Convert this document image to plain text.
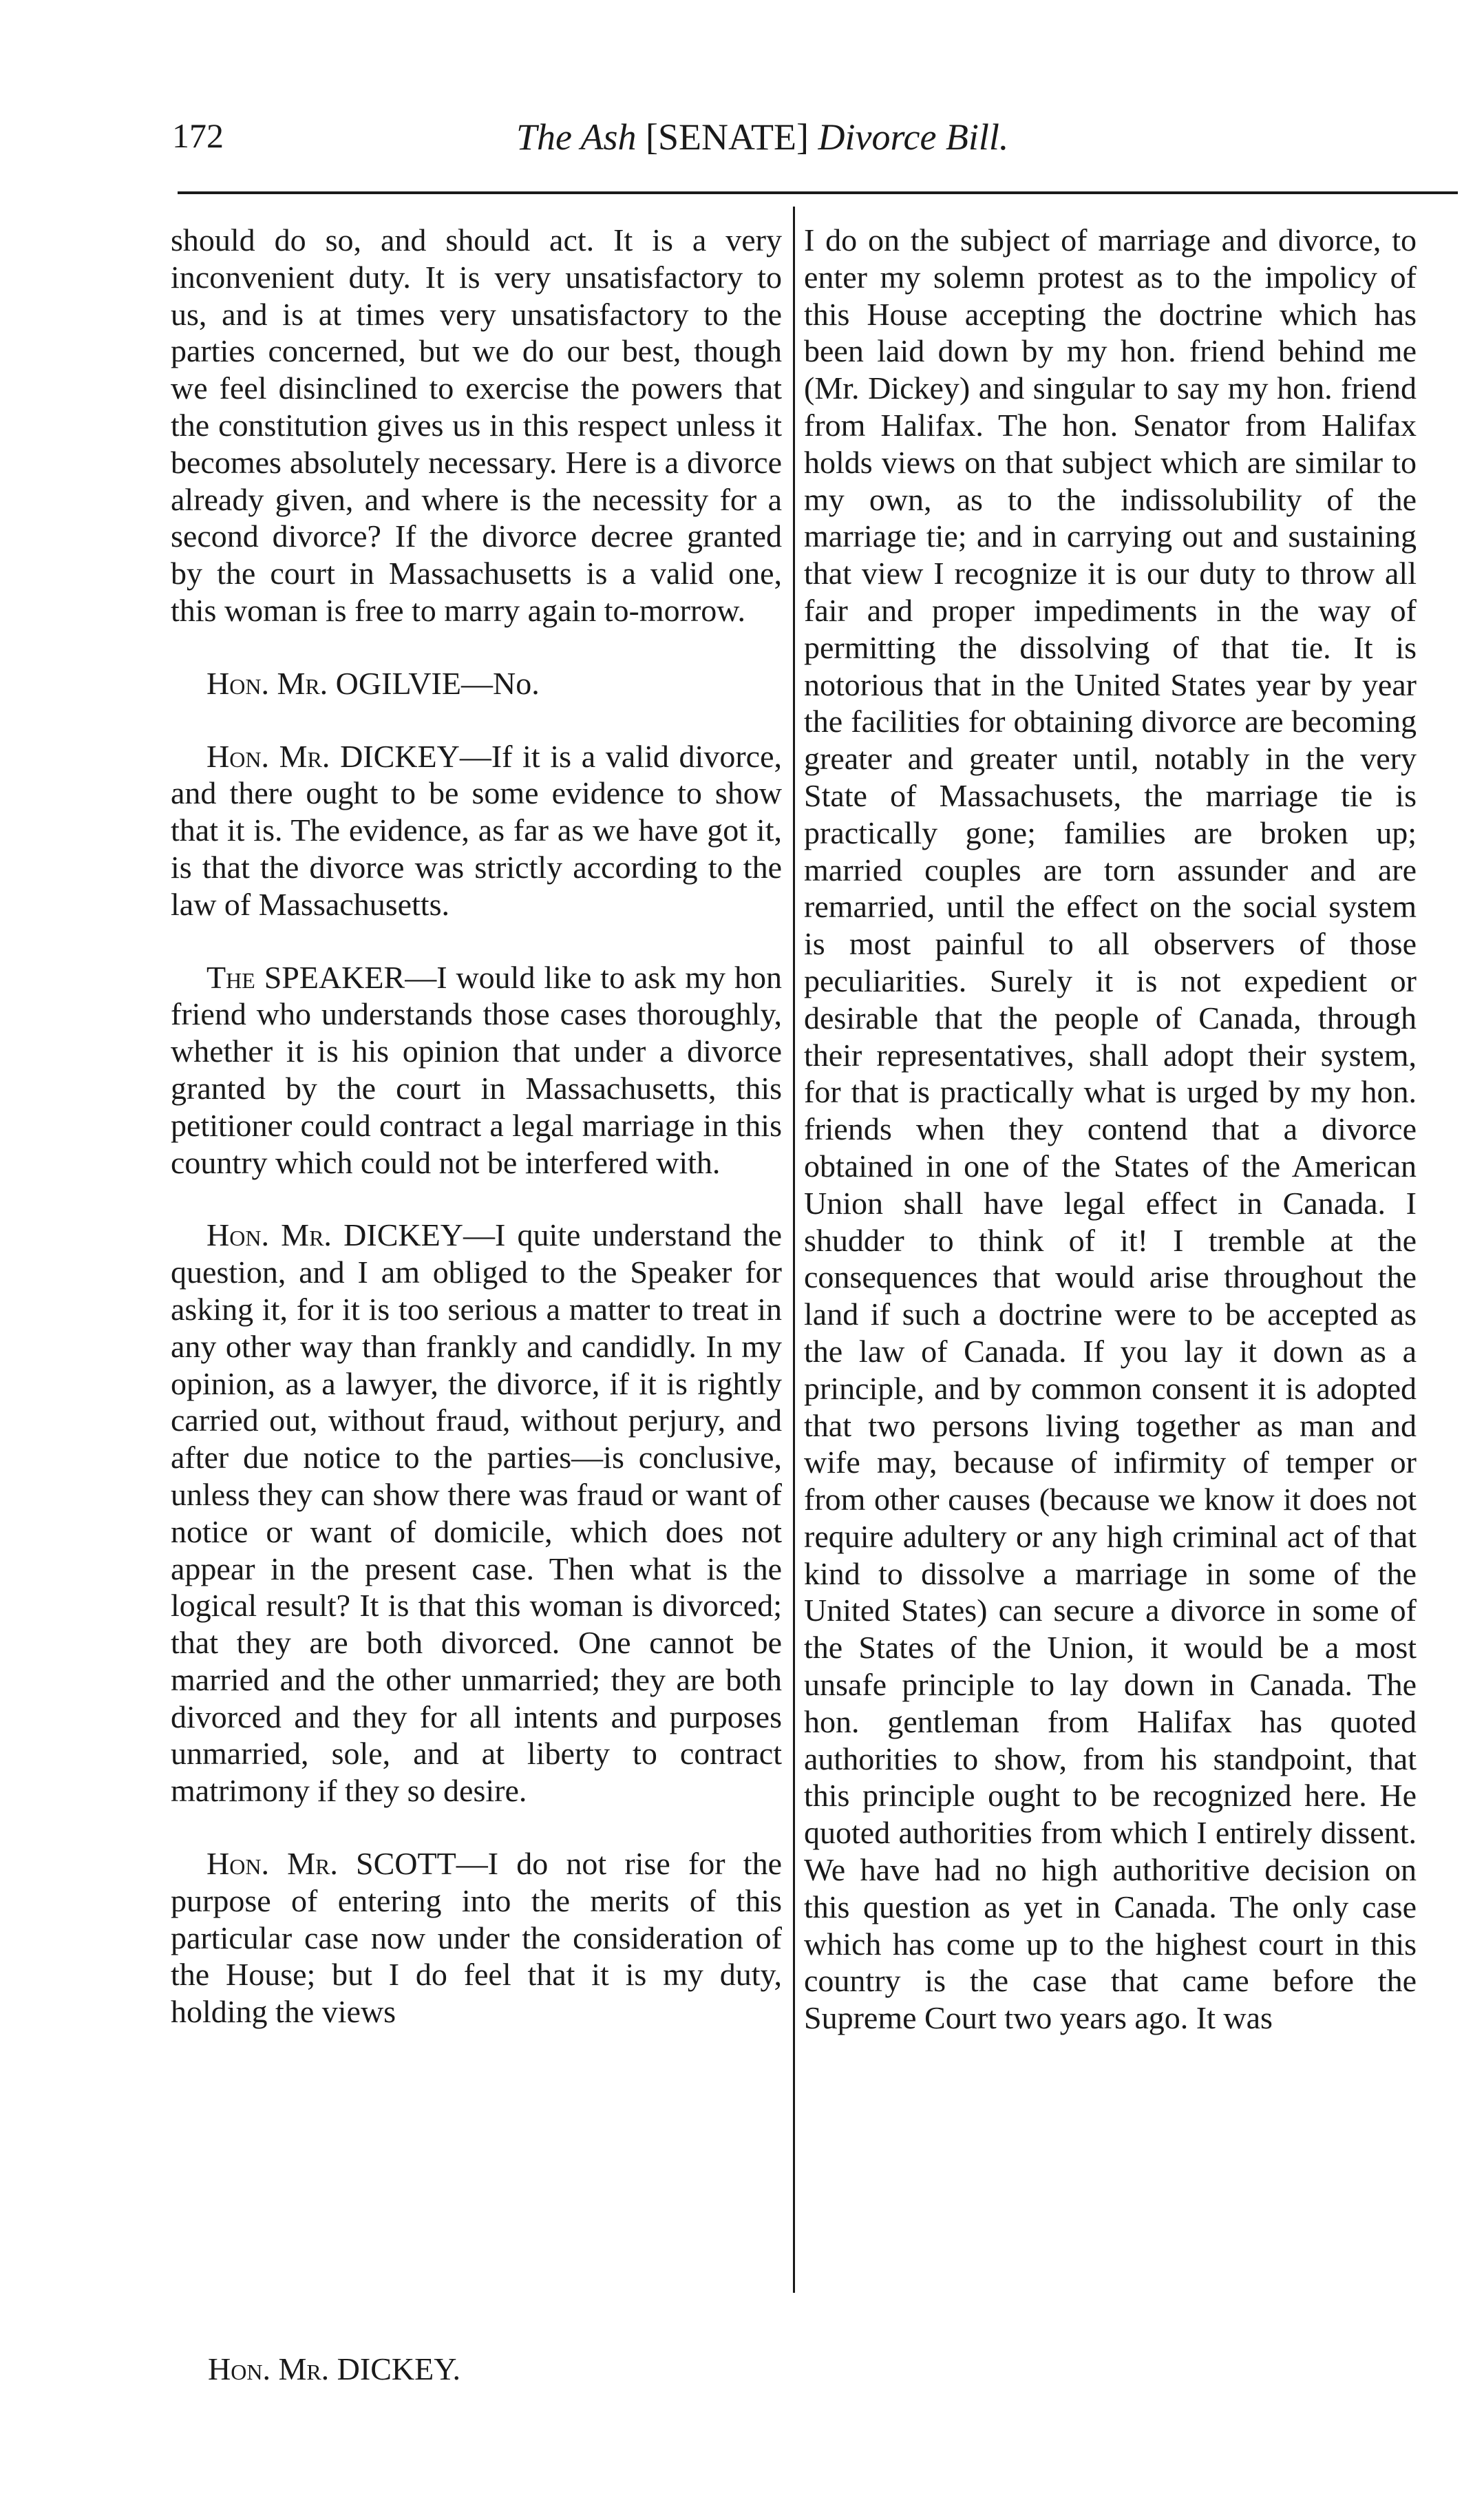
172	The Ash [SENATE] Divorce Bill.

should do so, and should act. It is a very inconvenient duty. It is very unsatisfactory to us, and is at times very unsatisfactory to the parties concerned, but we do our best, though we feel disinclined to exercise the powers that the constitution gives us in this respect unless it becomes absolutely necessary. Here is a divorce already given, and where is the necessity for a second divorce? If the divorce decree granted by the court in Massachusetts is a valid one, this woman is free to marry again to-morrow.

Hon. Mr. OGILVIE—No.

Hon. Mr. DICKEY—If it is a valid divorce, and there ought to be some evidence to show that it is. The evidence, as far as we have got it, is that the divorce was strictly according to the law of Massachusetts.

The SPEAKER—I would like to ask my hon friend who understands those cases thoroughly, whether it is his opinion that under a divorce granted by the court in Massachusetts, this petitioner could contract a legal marriage in this country which could not be interfered with.

Hon. Mr. DICKEY—I quite understand the question, and I am obliged to the Speaker for asking it, for it is too serious a matter to treat in any other way than frankly and candidly. In my opinion, as a lawyer, the divorce, if it is rightly carried out, without fraud, without perjury, and after due notice to the parties—is conclusive, unless they can show there was fraud or want of notice or want of domicile, which does not appear in the present case. Then what is the logical result? It is that this woman is divorced; that they are both divorced. One cannot be married and the other unmarried; they are both divorced and they for all intents and purposes unmarried, sole, and at liberty to contract matrimony if they so desire.

Hon. Mr. SCOTT—I do not rise for the purpose of entering into the merits of this particular case now under the consideration of the House; but I do feel that it is my duty, holding the views

I do on the subject of marriage and divorce, to enter my solemn protest as to the impolicy of this House accepting the doctrine which has been laid down by my hon. friend behind me (Mr. Dickey) and singular to say my hon. friend from Halifax. The hon. Senator from Halifax holds views on that subject which are similar to my own, as to the indissolubility of the marriage tie; and in carrying out and sustaining that view I recognize it is our duty to throw all fair and proper impediments in the way of permitting the dissolving of that tie. It is notorious that in the United States year by year the facilities for obtaining divorce are becoming greater and greater until, notably in the very State of Massachusets, the marriage tie is practically gone; families are broken up; married couples are torn assunder and are remarried, until the effect on the social system is most painful to all observers of those peculiarities. Surely it is not expedient or desirable that the people of Canada, through their representatives, shall adopt their system, for that is practically what is urged by my hon. friends when they contend that a divorce obtained in one of the States of the American Union shall have legal effect in Canada. I shudder to think of it! I tremble at the consequences that would arise throughout the land if such a doctrine were to be accepted as the law of Canada. If you lay it down as a principle, and by common consent it is adopted that two persons living together as man and wife may, because of infirmity of temper or from other causes (because we know it does not require adultery or any high criminal act of that kind to dissolve a marriage in some of the United States) can secure a divorce in some of the States of the Union, it would be a most unsafe principle to lay down in Canada. The hon. gentleman from Halifax has quoted authorities to show, from his standpoint, that this principle ought to be recognized here. He quoted authorities from which I entirely dissent. We have had no high authoritive decision on this question as yet in Canada. The only case which has come up to the highest court in this country is the case that came before the Supreme Court two years ago. It was

Hon. Mr. DICKEY.
